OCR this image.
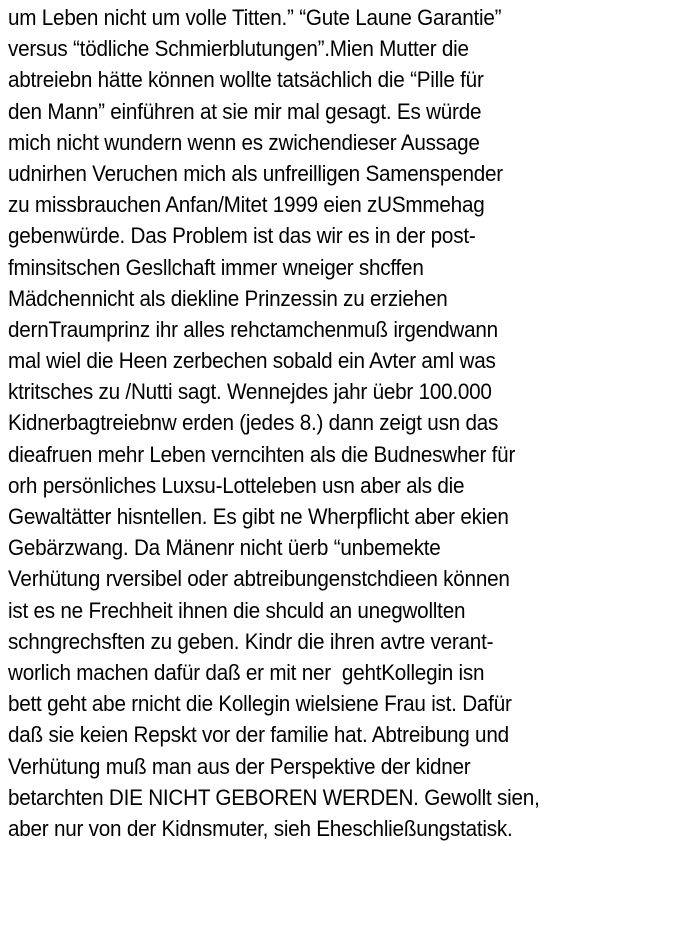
um Leben nicht um volle Titten.” “Gute Laune Garantie”
versus “tödliche Schmierblutungen”.Mien Mutter die
abtreiebn hätte können wollte tatsächlich die “Pille für
den Mann” einführen at sie mir mal gesagt. Es würde
mich nicht wundern wenn es zwichendieser Aussage
udnirhen Veruchen mich als unfreilligen Samenspender
zu missbrauchen Anfan/Mitet 1999 eien zUSmmehag
gebenwürde. Das Problem ist das wir es in der post-
fminsitschen Gesllchaft immer wneiger shcffen
Mädchennicht als diekline Prinzessin zu erziehen
dernTraumprinz ihr alles rehctamchenmuß irgendwann
mal wiel die Heen zerbechen sobald ein Avter aml was
ktritsches zu /Nutti sagt. Wennejdes jahr üebr 100.000
Kidnerbagtreiebnw erden (jedes 8.) dann zeigt usn das
dieafruen mehr Leben verncihten als die Budneswher für
orh persönliches Luxsu-Lotteleben usn aber als die
Gewaltätter hisntellen. Es gibt ne Wherpflicht aber ekien
Gebärzwang. Da Mänenr nicht üerb “unbemekte
Verhütung rversibel oder abtreibungenstchdieen können
ist es ne Frechheit ihnen die shculd an unegwollten
schngrechsften zu geben. Kindr die ihren avtre verant-
worlich machen dafür daß er mit ner  gehtKollegin isn
bett geht abe rnicht die Kollegin wielsiene Frau ist. Dafür
daß sie keien Repskt vor der familie hat. Abtreibung und
Verhütung muß man aus der Perspektive der kidner
betarchten DIE NICHT GEBOREN WERDEN. Gewollt sien,
aber nur von der Kidnsmuter, sieh Eheschließungstatisk.
